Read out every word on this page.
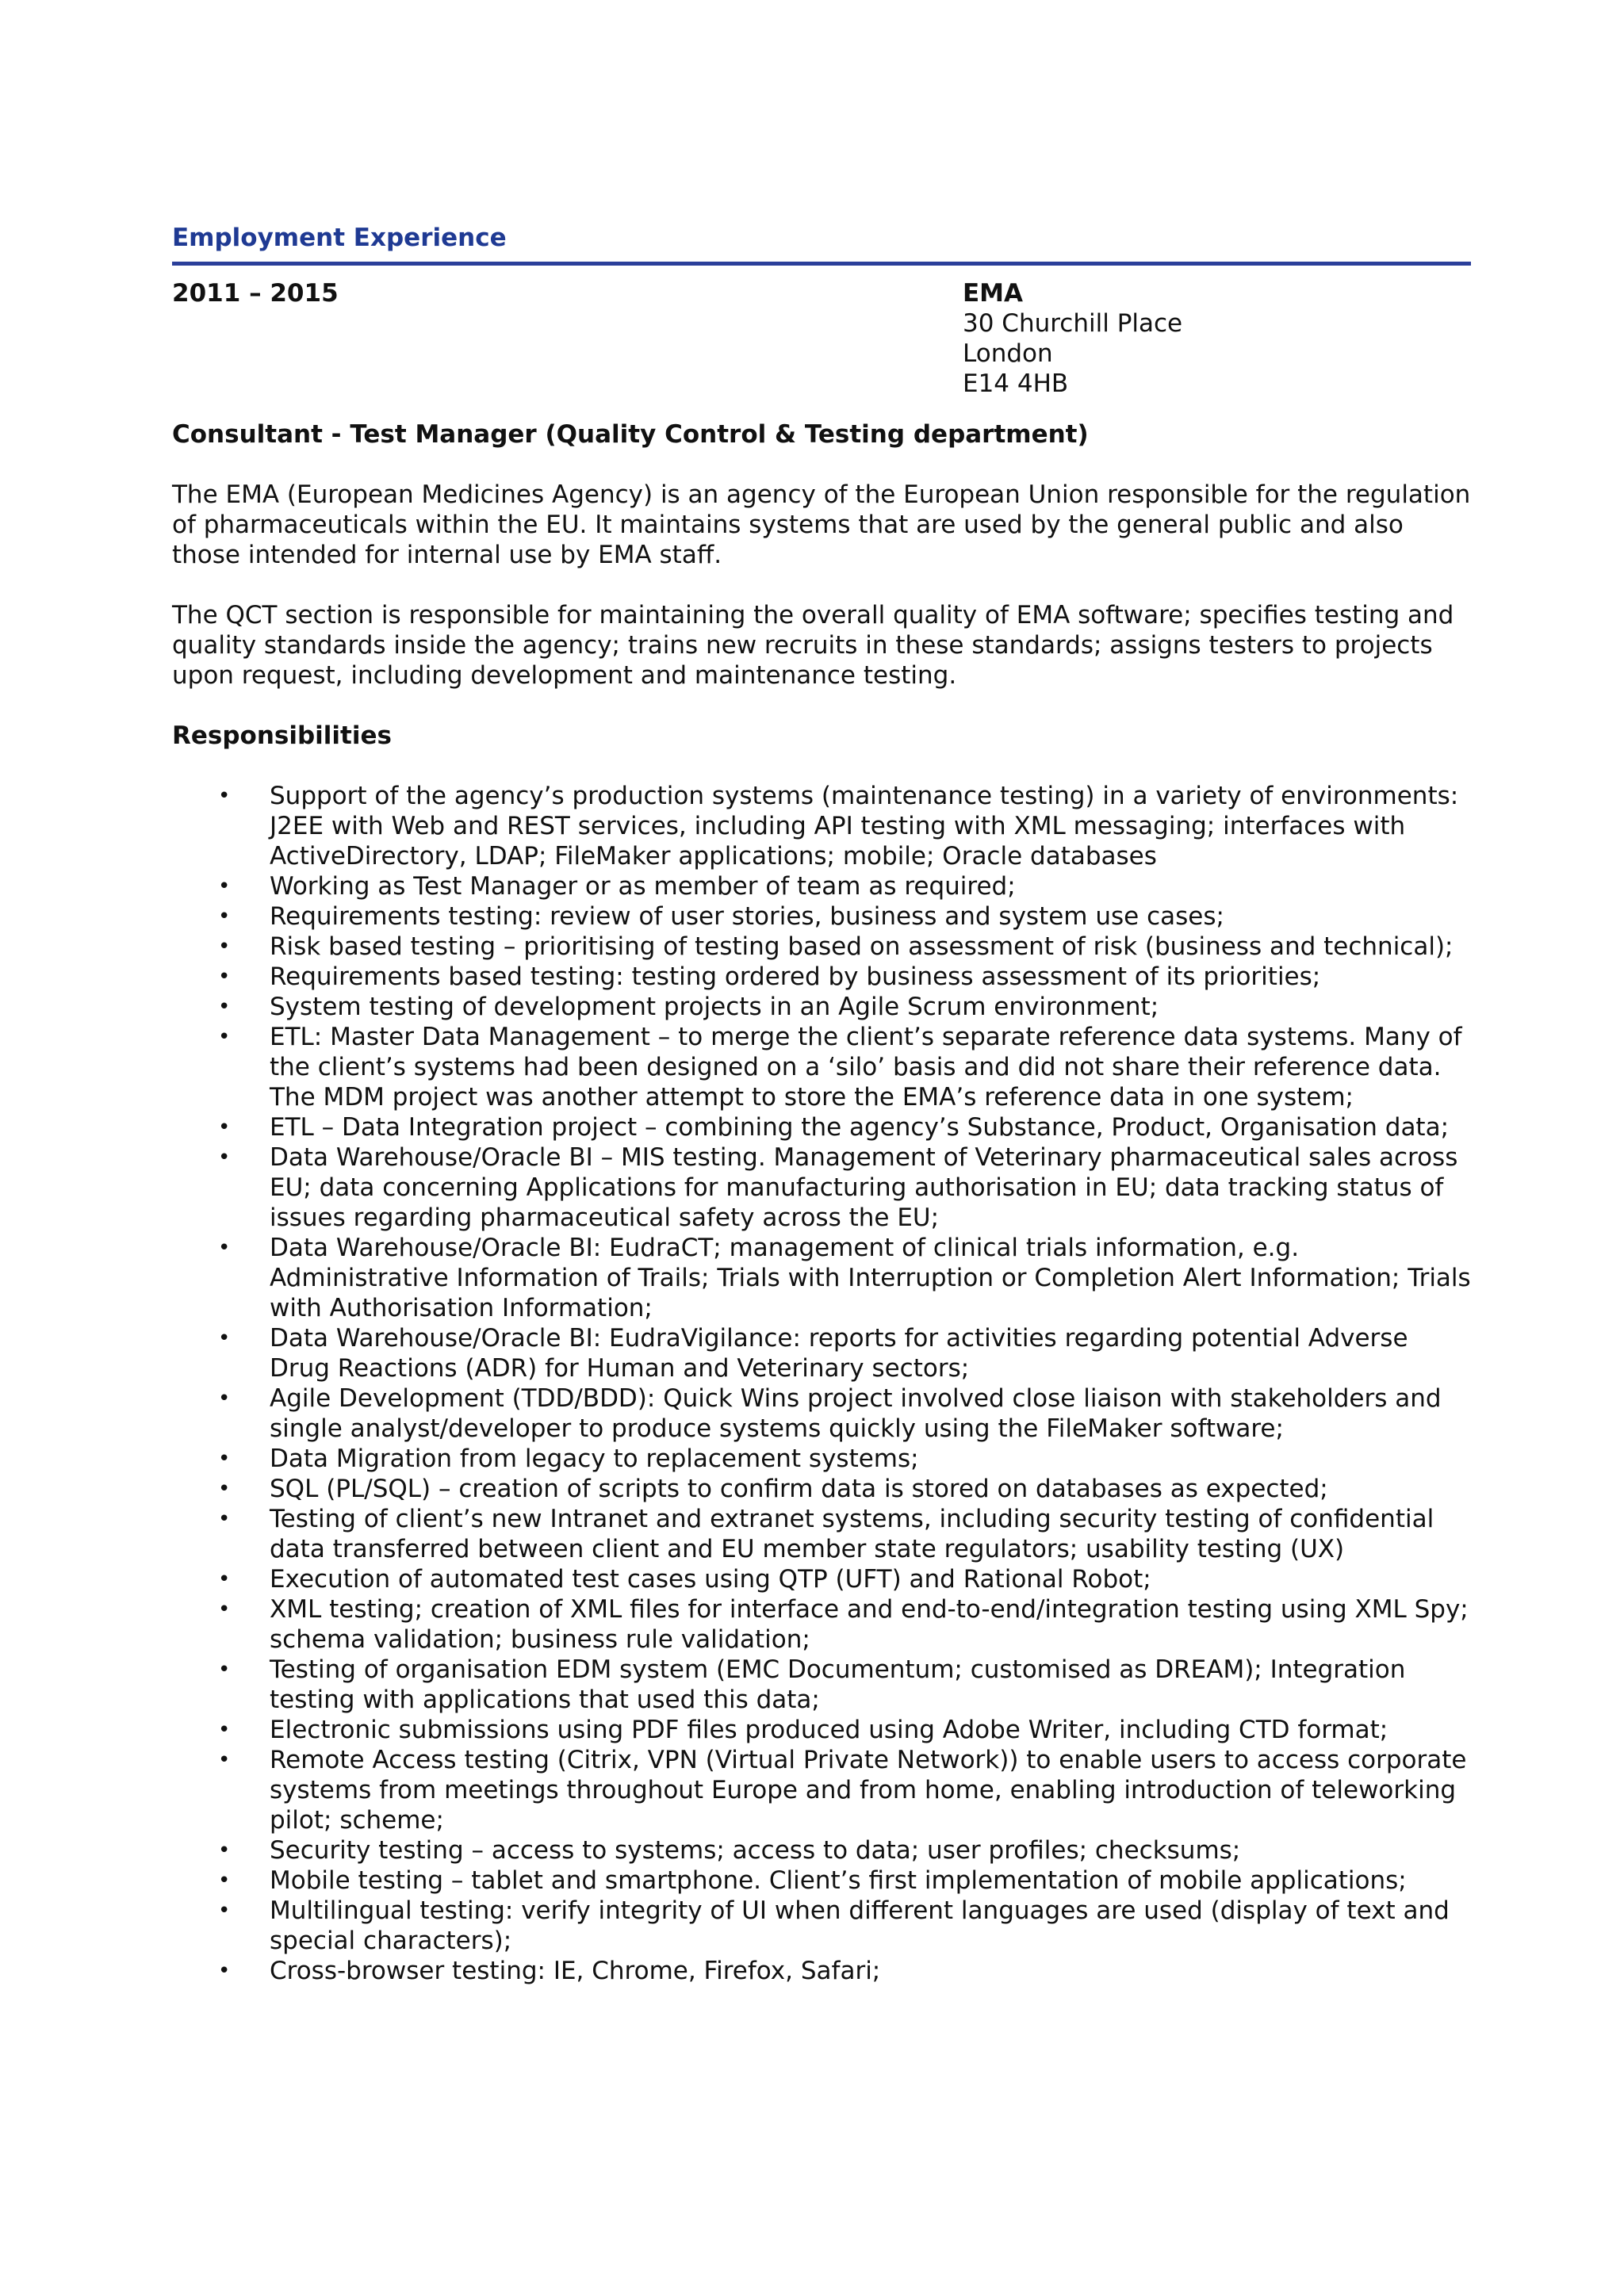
Employment Experience
2011 – 2015	EMA
30 Churchill Place
London
E14 4HB
Consultant - Test Manager (Quality Control & Testing department)

The EMA (European Medicines Agency) is an agency of the European Union responsible for the regulation of pharmaceuticals within the EU. It maintains systems that are used by the general public and also those intended for internal use by EMA staff.

The QCT section is responsible for maintaining the overall quality of EMA software; specifies testing and quality standards inside the agency; trains new recruits in these standards; assigns testers to projects upon request, including development and maintenance testing.

Responsibilities
• Support of the agency’s production systems (maintenance testing) in a variety of environments: J2EE with Web and REST services, including API testing with XML messaging; interfaces with ActiveDirectory, LDAP; FileMaker applications; mobile; Oracle databases
• Working as Test Manager or as member of team as required;
• Requirements testing: review of user stories, business and system use cases;
• Risk based testing – prioritising of testing based on assessment of risk (business and technical);
• Requirements based testing: testing ordered by business assessment of its priorities;
• System testing of development projects in an Agile Scrum environment;
• ETL: Master Data Management – to merge the client’s separate reference data systems. Many of the client’s systems had been designed on a ‘silo’ basis and did not share their reference data. The MDM project was another attempt to store the EMA’s reference data in one system;
• ETL – Data Integration project – combining the agency’s Substance, Product, Organisation data;
• Data Warehouse/Oracle BI – MIS testing. Management of Veterinary pharmaceutical sales across EU; data concerning Applications for manufacturing authorisation in EU; data tracking status of issues regarding pharmaceutical safety across the EU;
• Data Warehouse/Oracle BI: EudraCT; management of clinical trials information, e.g. Administrative Information of Trails; Trials with Interruption or Completion Alert Information; Trials with Authorisation Information;
• Data Warehouse/Oracle BI: EudraVigilance: reports for activities regarding potential Adverse Drug Reactions (ADR) for Human and Veterinary sectors;
• Agile Development (TDD/BDD): Quick Wins project involved close liaison with stakeholders and single analyst/developer to produce systems quickly using the FileMaker software;
• Data Migration from legacy to replacement systems;
• SQL (PL/SQL) – creation of scripts to confirm data is stored on databases as expected;
• Testing of client’s new Intranet and extranet systems, including security testing of confidential data transferred between client and EU member state regulators; usability testing (UX)
• Execution of automated test cases using QTP (UFT) and Rational Robot;
• XML testing; creation of XML files for interface and end-to-end/integration testing using XML Spy; schema validation; business rule validation;
• Testing of organisation EDM system (EMC Documentum; customised as DREAM); Integration testing with applications that used this data;
• Electronic submissions using PDF files produced using Adobe Writer, including CTD format;
• Remote Access testing (Citrix, VPN (Virtual Private Network)) to enable users to access corporate systems from meetings throughout Europe and from home, enabling introduction of teleworking pilot; scheme;
• Security testing – access to systems; access to data; user profiles; checksums;
• Mobile testing – tablet and smartphone. Client’s first implementation of mobile applications;
• Multilingual testing: verify integrity of UI when different languages are used (display of text and special characters);
• Cross-browser testing: IE, Chrome, Firefox, Safari;
